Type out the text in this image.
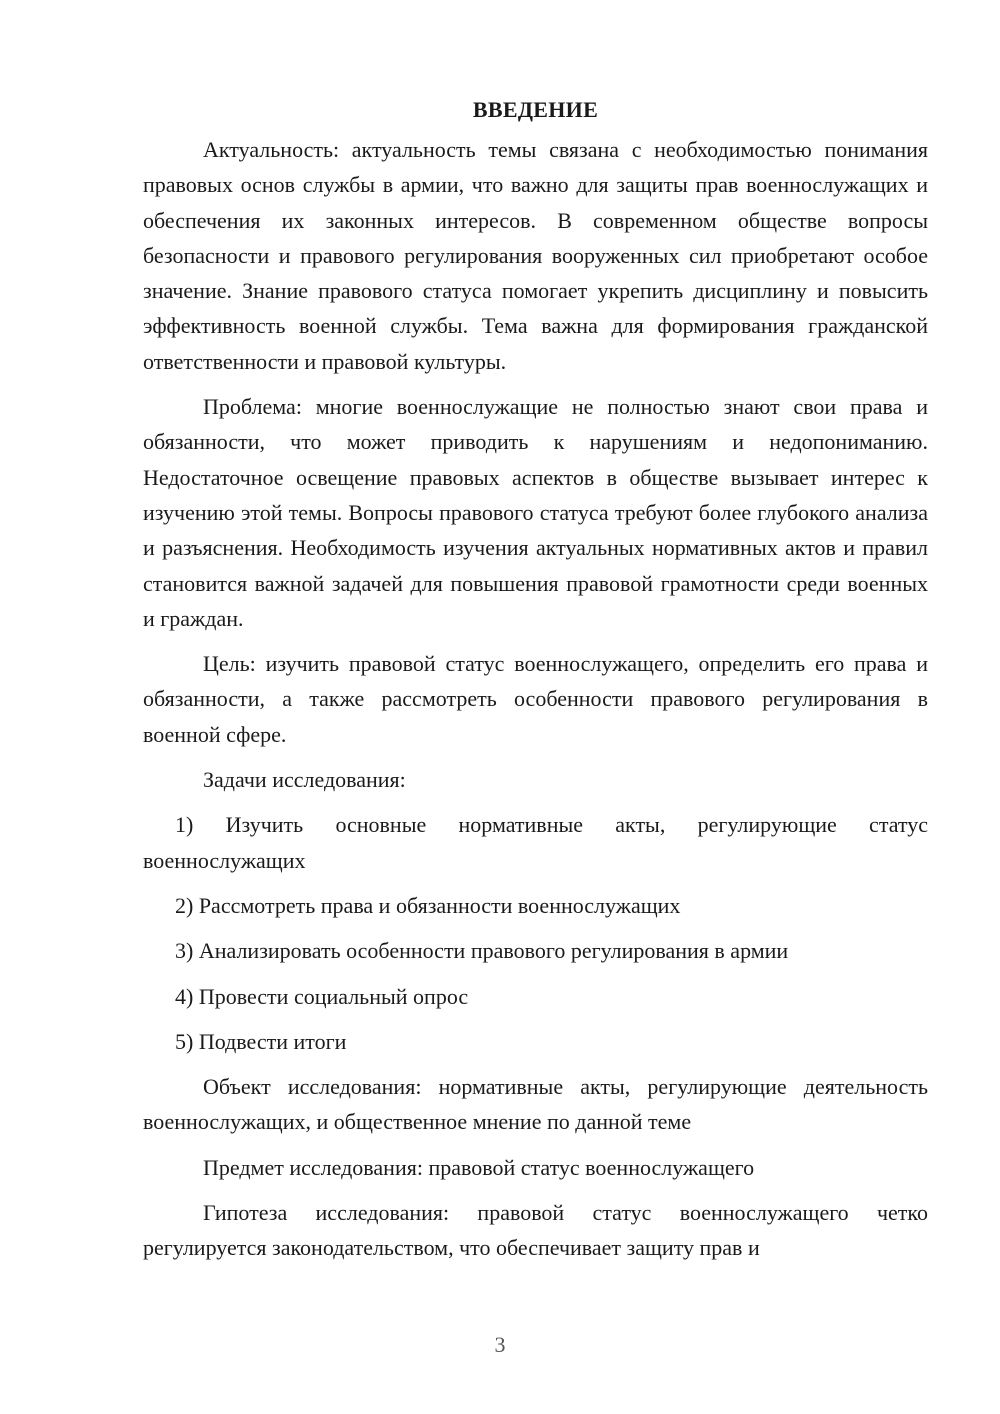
ВВЕДЕНИЕ

Актуальность: актуальность темы связана с необходимостью понимания правовых основ службы в армии, что важно для защиты прав военнослужащих и обеспечения их законных интересов. В современном обществе вопросы безопасности и правового регулирования вооруженных сил приобретают особое значение. Знание правового статуса помогает укрепить дисциплину и повысить эффективность военной службы. Тема важна для формирования гражданской ответственности и правовой культуры.

Проблема: многие военнослужащие не полностью знают свои права и обязанности, что может приводить к нарушениям и недопониманию. Недостаточное освещение правовых аспектов в обществе вызывает интерес к изучению этой темы. Вопросы правового статуса требуют более глубокого анализа и разъяснения. Необходимость изучения актуальных нормативных актов и правил становится важной задачей для повышения правовой грамотности среди военных и граждан.

Цель: изучить правовой статус военнослужащего, определить его права и обязанности, а также рассмотреть особенности правового регулирования в военной сфере.

Задачи исследования:

1) Изучить основные нормативные акты, регулирующие статус военнослужащих

2) Рассмотреть права и обязанности военнослужащих

3) Анализировать особенности правового регулирования в армии

4) Провести социальный опрос

5) Подвести итоги

Объект исследования: нормативные акты, регулирующие деятельность военнослужащих, и общественное мнение по данной теме

Предмет исследования: правовой статус военнослужащего

Гипотеза исследования: правовой статус военнослужащего четко регулируется законодательством, что обеспечивает защиту прав и

3
